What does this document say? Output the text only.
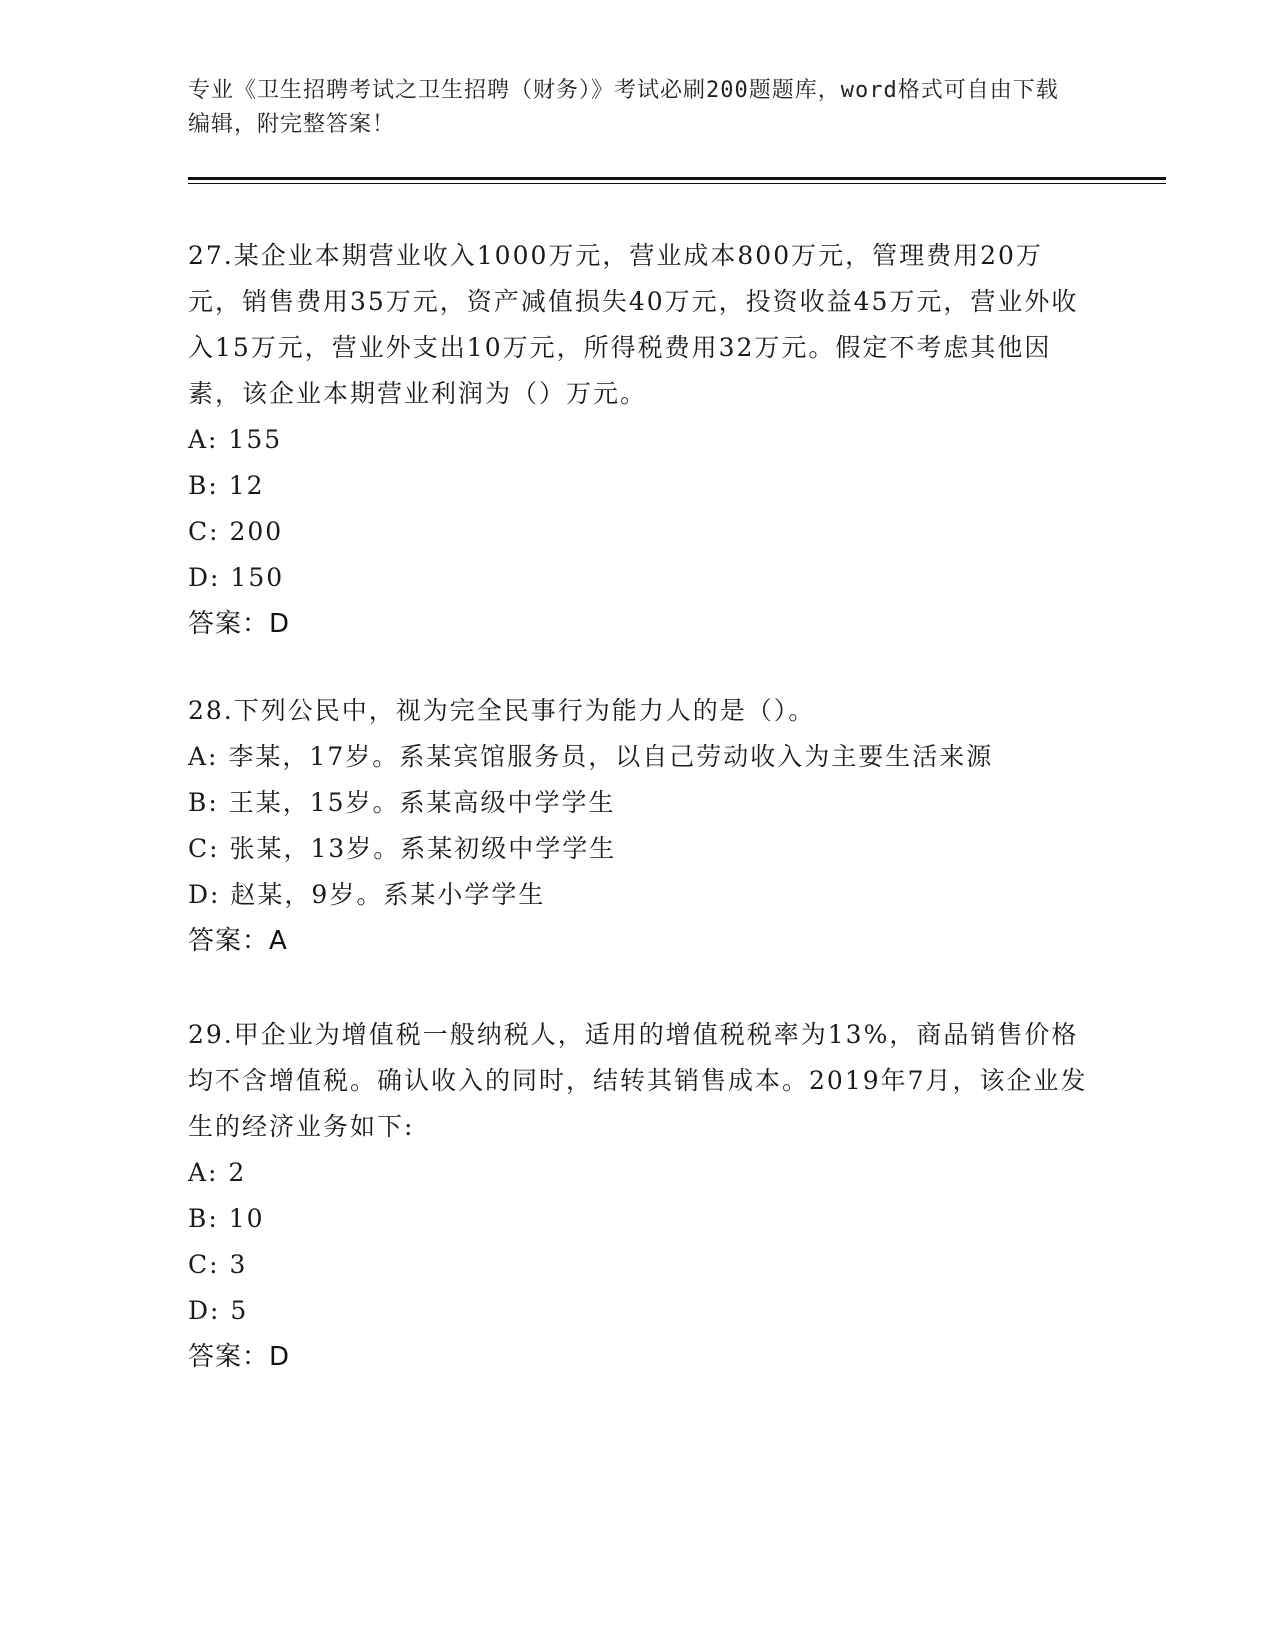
专业《卫生招聘考试之卫生招聘（财务）》考试必刷200题题库，word格式可自由下载编辑，附完整答案！

27.某企业本期营业收入1000万元，营业成本800万元，管理费用20万元，销售费用35万元，资产减值损失40万元，投资收益45万元，营业外收入15万元，营业外支出10万元，所得税费用32万元。假定不考虑其他因素，该企业本期营业利润为（）万元。

A: 155

B: 12

C: 200

D: 150

答案：D

28.下列公民中，视为完全民事行为能力人的是（）。

A: 李某，17岁。系某宾馆服务员，以自己劳动收入为主要生活来源

B: 王某，15岁。系某高级中学学生

C: 张某，13岁。系某初级中学学生

D: 赵某，9岁。系某小学学生

答案：A

29.甲企业为增值税一般纳税人，适用的增值税税率为13%，商品销售价格均不含增值税。确认收入的同时，结转其销售成本。2019年7月，该企业发生的经济业务如下:

A: 2

B: 10

C: 3

D: 5

答案：D
